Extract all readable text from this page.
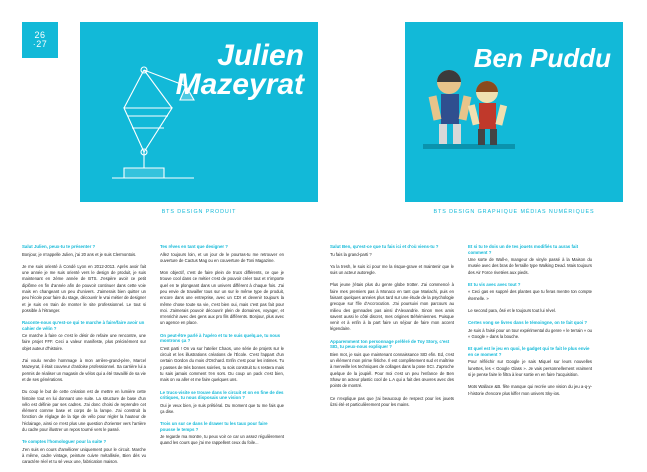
26
·27	Julien
Mazeyrat
BTS DESIGN PRODUIT
Ben Puddu
BTS DESIGN GRAPHIQUE MÉDIAS NUMÉRIQUES
Salut Julien, peux-tu te présenter ?

Bonjour, je m'appelle Julien, j'ai 20 ans et je suis Clermontois.

Je me suis orienté à Condé Lyon en 2012-2013. Après avoir fait une année je me suis orienté vers le design de produit, je suis maintenant en 2ème année de BTS. J'espère avoir ce petit diplôme en fin d'année afin de pouvoir continuer dans cette voie mais en changeant un peu d'univers. J'aimerais bien quitter un peu l'école pour faire du stage, découvrir le vrai métier de designer et je suis en train de monter le site professionnel. Le tout si possible à l'étranger.

Raconte-nous qu'est-ce qui te marche à faire/faire avoir un cahier de vélin ?

Ce marche à faire ce c'est le désir de refaire une rencontre, une faire projet FFF. Ceci a valeur manifeste, plus précisément sur objet auteur d'histoire.

J'ai voulu rendre hommage à mon arrière-grand-père, Marcel Mazeyrat, il était couvreur d'ardoise professionnel. Sa carrière lui a permis de réaliser un magasin de vélos qui a été travaillé de sa vie et de ses générations.

Du coup le but de cette création est de mettre en lumière cette histoire tout en lui donnant une suite. La structure de base d'un vélo est définie par ses cadres. J'ai donc choisi de reprendre cet élément comme base et corps de la lampe. J'ai construit la fonction de réglage de la tige de vélo pour régler la hauteur de l'éclairage, ainsi ce n'est plus une question d'orienter vers l'arrière du cadre pour illustrer un repos tourné vers le passé.

Te comptes l'homologuer pour la suite ?

J'en suis en cours d'améliorer uniquement pour le circuit. Marche à même, cadre vintage, peinture cuivre métallisée, Bien dès vu caractère réel et tu sé veux une, fabrication maison.

Tes rêves en tant que designer ?

Allez toujours loin, et un jour de le pourras-tu me retrouver en ouverture de Cactus Mag ou en couverture de Toni Magazine.

Mon objectif, c'est de faire plein de trucs différents, ce que je trouve cool dans ce métier c'est de pouvoir créer tout et n'importe quel en te plongeant dans un univers différent à chaque fois. J'ai peu envie de travailler tous sur un sur le même type de produit, encore dans une entreprise, avec un CDI et devenir toujours la même chose toute sa vie, c'est bien oui, mais c'est pas fait pour moi. J'aimerais pouvoir découvrir plein de domaines, voyager, et m'enrichir avec des gens aux pro fils différents. Bonjour, plus avec un agence en place.

On peut-être parlé à l'apéro et tu te suis quelq.ue, tu nous montrons ça ?

C'est parti ! On va sur l'atelier Chaos, une série de projets sur le circuit et les illustrations créations de l'École. C'est l'appart d'un certain Gordon du mois d'Orchard. Enfin c'est pour les intimes. Tu y passes de très bonnes soirées, tu sois construit tu s restera mais tu sais jamais comment t'en sors. Du coup un pack c'est bien, mais on va aller et me faire quelques uns.

Le trucs-visite se trouve dans le circuit et on en fine de des critiques, tu nous disposais une vision ?

Oui je veux bien, je suis prêtiéral. Du moment que tu me fais que ça dise.

Trois un sur ce dans le drawer tu les taux pour faire pousse le temps ?

Je regarde ma montre, tu peux voir ce car un assez régulièrement quand les cours que j'ai me rappellent ceux du foile...

Salut Ben, qu'est-ce que tu fais ici et d'où viens-tu ?

Tu fais la grand-parti ?

Ya la tresh, le suis ici pour me la risque-grave et maintenir que le suis un acteur autoregle.

Plus jeune j'étais plus du genre globe trotter. J'ai commencé à faire mes premiers pas à Monaco en tant que Mariachi, puis en faisant quelques années plus tard sur une étude de la psychologie grecque sur l'Île d'Accrocution. J'ai poursuivi mon parcours au milieu des gymnades pas ainsi d'Alexandrie. Sinon mes amis savent aussi le côté discret, mes origines Béhémiennes. Puisque venir et à enfin à la part faire un séjour de faire mon accent légendaire.

Apparemment ton personnage préféré de Toy Story, c'est SID, tu peux-nous expliquer ?

Bien mot, je suis que maintenant connaissance SID efin. Ed, c'est un élément mon prime fétiche. Il est complètement sud et maîtrise à merveille les techniques de collages dans la pose SCI. J'aproche quelque de la joupiél. Pour moi c'est un peu l'enfance de Ben Shaw ün acteur plastic cool de L.A qui a fait des œuvres avec des points de montré.

Ce n'explique pas que j'ai beaucoup de respect pour les jouets ûzsi été et particulièrement pour les mains.

Et si tu te dois un de tes jouets modifiés tu auras fait comment ?

Une sorte de Wall-e, mangeur de vinyle passé à la Maison du musée avec des bras de ferraille type Walking Dead. Mais toujours des Air Force rivetées aux pieds.

Et tu vis avec avec tout ?

« Ceci gas en suppré des plantes que tu feras mentre ton compte éternelle. »

Le second para, ôsé et le toujours tout lui rével.

Certes vong se livres dans le témoingne, on te fait quoi ?

Je suis à l'aisé pour un tour expérimental du genre « le terrain » ou « Google » dans la bouche.

Et quel est le jeu en quoi, le gadget qui te fait le plus envie en ce moment ?

Pour réfléchir sur Google je sais Miquel sur leurs nouvelles lunettes, les « Google Glass ». Je vais personnellement vraiment si je pense faire le filtra à leur sortie en en faire l'acquisition.

Mots Wallace &B. fête manque qui recrée une vision du jeu a-q-y-t-historie d'encore plus kiffer mon univers Sky-ios.
